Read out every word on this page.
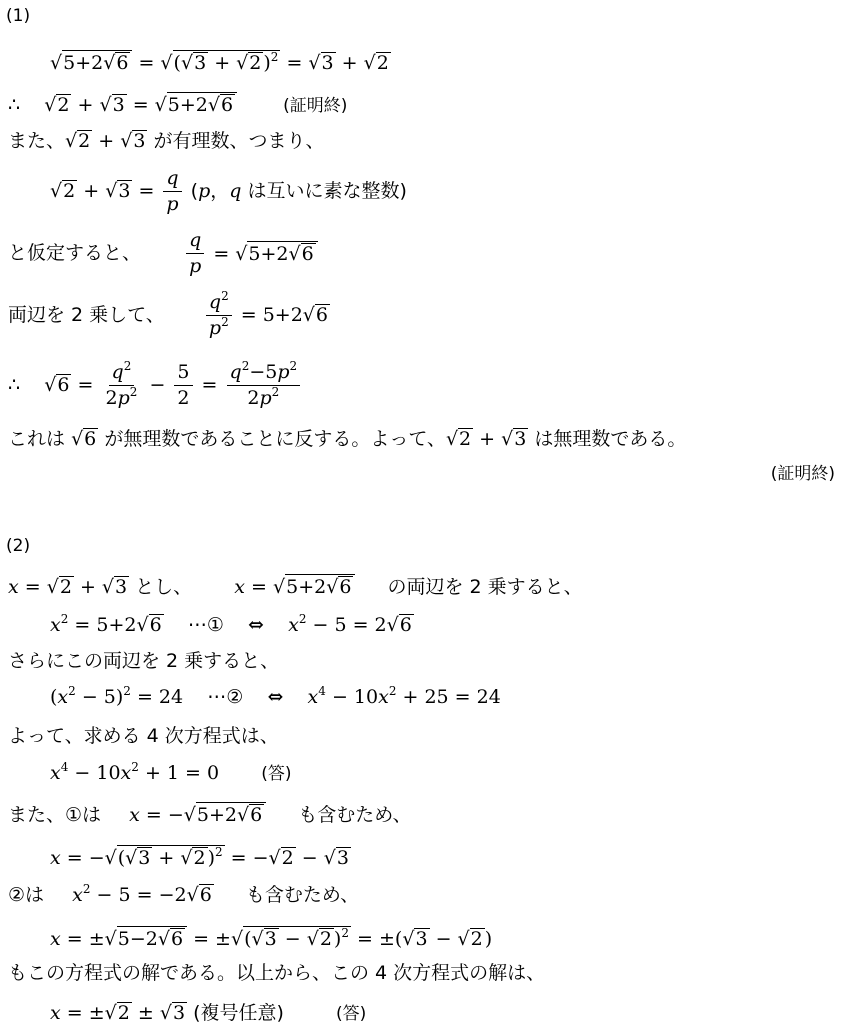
(1)
√5+2√6 = √(√3 + √2 )$^2$ = √3 + √2
∴ √2 + √3 = √5+2√6	(証明終)
また、√2 + √3 が有理数、つまり、
$√2 + √3 = \frac{q}{p} (p$，q は互いに素な整数)
と仮定すると、 $\frac{q}{p} = √5+2√6$
両辺を 2 乗して、 $\frac{q^2}{p^2} = 5+2√6$
∴ $√6 = \frac{q^2}{2p^2} - \frac{5}{2} = \frac{q^2-5p^2}{2p^2}$
これは √6 が無理数であることに反する。よって、√2 + √3 は無理数である。
(証明終)
(2)
x = √2 + √3 とし、 x = √5+2√6 の両辺を 2 乗すると、
$x^2 = 5+2√6$    ⋯①    ⇔ $x^2 - 5 = 2√6$
さらにこの両辺を 2 乗すると、
$(x^2 - 5)^2 = 24$    ⋯②    ⇔ $x^4 - 10x^2 + 25 = 24$
よって、求める 4 次方程式は、
$x^4 - 10x^2 + 1 = 0$ (答)
また、①は x = −√5+2√6 も含むため、
x = −√(√3 + √2 )$^2$ = −√2 − √3
②は $x^2 - 5 = -2√6$ も含むため、
x = ±√5−2√6 = ±√(√3 − √2 )$^2$ = ±(√3 − √2 )
もこの方程式の解である。以上から、この 4 次方程式の解は、
x = ±√2 ± √3 (複号任意)	(答)
